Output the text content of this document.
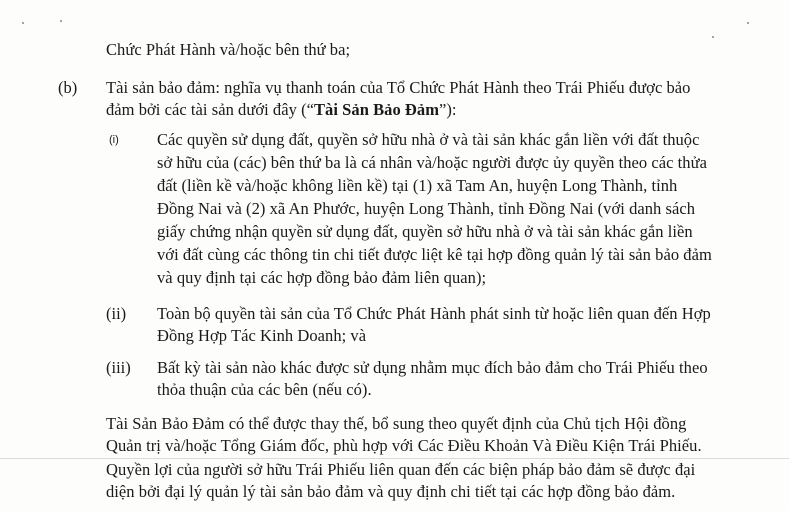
Chức Phát Hành và/hoặc bên thứ ba;
(b) Tài sản bảo đảm: nghĩa vụ thanh toán của Tổ Chức Phát Hành theo Trái Phiếu được bảo
đảm bởi các tài sản dưới đây (“Tài Sản Bảo Đảm”):
(i) Các quyền sử dụng đất, quyền sở hữu nhà ở và tài sản khác gắn liền với đất thuộc
sở hữu của (các) bên thứ ba là cá nhân và/hoặc người được ủy quyền theo các thửa
đất (liền kề và/hoặc không liền kề) tại (1) xã Tam An, huyện Long Thành, tỉnh
Đồng Nai và (2) xã An Phước, huyện Long Thành, tỉnh Đồng Nai (với danh sách
giấy chứng nhận quyền sử dụng đất, quyền sở hữu nhà ở và tài sản khác gắn liền
với đất cùng các thông tin chi tiết được liệt kê tại hợp đồng quản lý tài sản bảo đảm
và quy định tại các hợp đồng bảo đảm liên quan);
(ii) Toàn bộ quyền tài sản của Tổ Chức Phát Hành phát sinh từ hoặc liên quan đến Hợp
Đồng Hợp Tác Kinh Doanh; và
(iii) Bất kỳ tài sản nào khác được sử dụng nhằm mục đích bảo đảm cho Trái Phiếu theo
thỏa thuận của các bên (nếu có).
Tài Sản Bảo Đảm có thể được thay thế, bổ sung theo quyết định của Chủ tịch Hội đồng
Quản trị và/hoặc Tổng Giám đốc, phù hợp với Các Điều Khoản Và Điều Kiện Trái Phiếu.
Quyền lợi của người sở hữu Trái Phiếu liên quan đến các biện pháp bảo đảm sẽ được đại
diện bởi đại lý quản lý tài sản bảo đảm và quy định chi tiết tại các hợp đồng bảo đảm.
